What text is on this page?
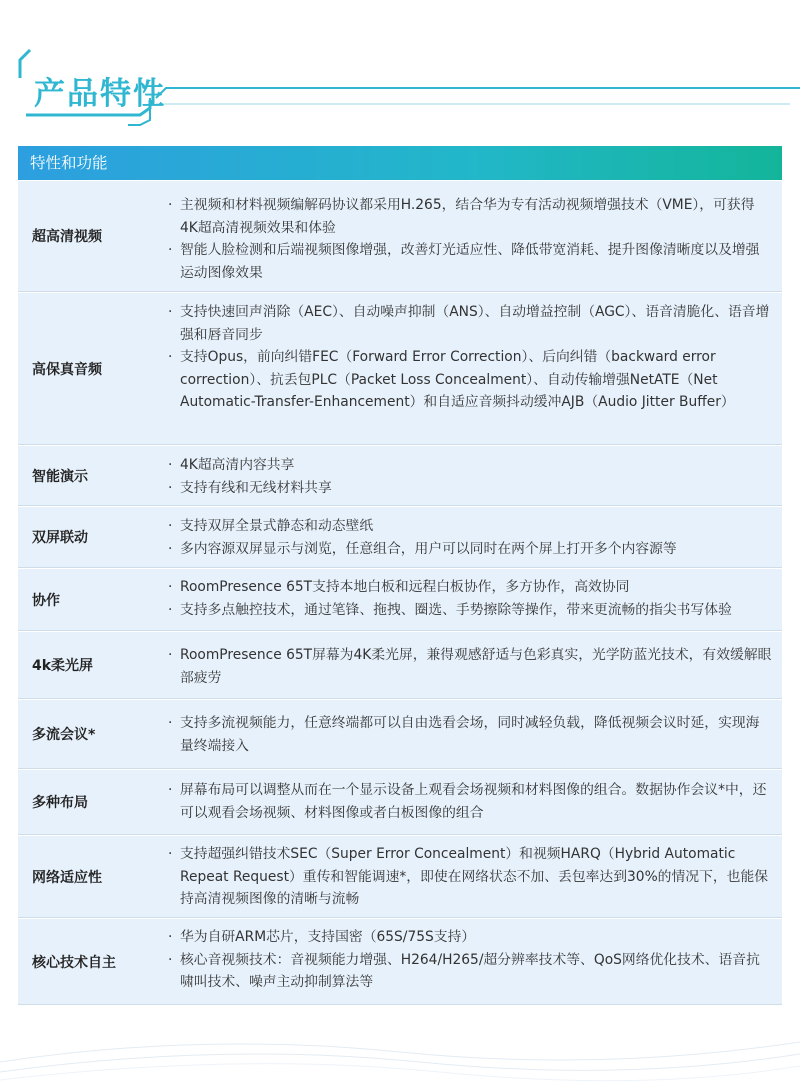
产品特性
特性和功能
超高清视频
· 主视频和材料视频编解码协议都采用H.265，结合华为专有活动视频增强技术（VME），可获得4K超高清视频效果和体验
· 智能人脸检测和后端视频图像增强，改善灯光适应性、降低带宽消耗、提升图像清晰度以及增强运动图像效果
高保真音频
· 支持快速回声消除（AEC）、自动噪声抑制（ANS）、自动增益控制（AGC）、语音清脆化、语音增强和唇音同步
· 支持Opus，前向纠错FEC（Forward Error Correction）、后向纠错（backward error correction）、抗丢包PLC（Packet Loss Concealment）、自动传输增强NetATE（Net Automatic-Transfer-Enhancement）和自适应音频抖动缓冲AJB（Audio Jitter Buffer）
智能演示
· 4K超高清内容共享
· 支持有线和无线材料共享
双屏联动
· 支持双屏全景式静态和动态壁纸
· 多内容源双屏显示与浏览，任意组合，用户可以同时在两个屏上打开多个内容源等
协作
· RoomPresence 65T支持本地白板和远程白板协作，多方协作，高效协同
· 支持多点触控技术，通过笔锋、拖拽、圈选、手势擦除等操作，带来更流畅的指尖书写体验
4k柔光屏
· RoomPresence 65T屏幕为4K柔光屏，兼得观感舒适与色彩真实，光学防蓝光技术，有效缓解眼部疲劳
多流会议*
· 支持多流视频能力，任意终端都可以自由选看会场，同时减轻负载，降低视频会议时延，实现海量终端接入
多种布局
· 屏幕布局可以调整从而在一个显示设备上观看会场视频和材料图像的组合。数据协作会议*中，还可以观看会场视频、材料图像或者白板图像的组合
网络适应性
· 支持超强纠错技术SEC（Super Error Concealment）和视频HARQ（Hybrid Automatic Repeat Request）重传和智能调速*，即使在网络状态不加、丢包率达到30%的情况下，也能保持高清视频图像的清晰与流畅
核心技术自主
· 华为自研ARM芯片，支持国密（65S/75S支持）
· 核心音视频技术：音视频能力增强、H264/H265/超分辨率技术等、QoS网络优化技术、语音抗啸叫技术、噪声主动抑制算法等
